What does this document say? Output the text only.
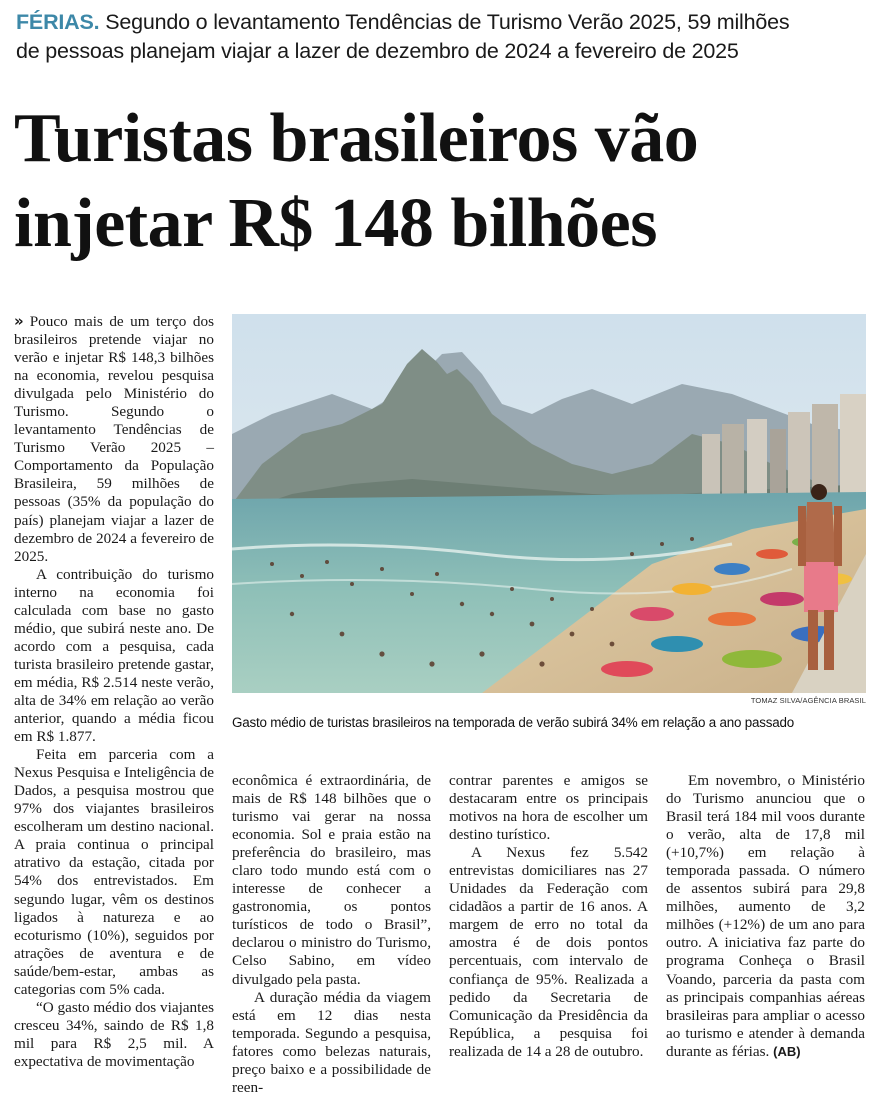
FÉRIAS. Segundo o levantamento Tendências de Turismo Verão 2025, 59 milhões
de pessoas planejam viajar a lazer de dezembro de 2024 a fevereiro de 2025
Turistas brasileiros vão
injetar R$ 148 bilhões

» Pouco mais de um terço dos brasileiros pretende viajar no verão e injetar R$ 148,3 bilhões na economia, revelou pesquisa divulgada pelo Ministério do Turismo. Segundo o levantamento Tendências de Turismo Verão 2025 – Comportamento da População Brasileira, 59 milhões de pessoas (35% da população do país) planejam viajar a lazer de dezembro de 2024 a fevereiro de 2025.

A contribuição do turismo interno na economia foi calculada com base no gasto médio, que subirá neste ano. De acordo com a pesquisa, cada turista brasileiro pretende gastar, em média, R$ 2.514 neste verão, alta de 34% em relação ao verão anterior, quando a média ficou em R$ 1.877.

Feita em parceria com a Nexus Pesquisa e Inteligência de Dados, a pesquisa mostrou que 97% dos viajantes brasileiros escolheram um destino nacional. A praia continua o principal atrativo da estação, citada por 54% dos entrevistados. Em segundo lugar, vêm os destinos ligados à natureza e ao ecoturismo (10%), seguidos por atrações de aventura e de saúde/bem-estar, ambas as categorias com 5% cada.

“O gasto médio dos viajantes cresceu 34%, saindo de R$ 1,8 mil para R$ 2,5 mil. A expectativa de movimentação

TOMAZ SILVA/AGÊNCIA BRASIL
Gasto médio de turistas brasileiros na temporada de verão subirá 34% em relação a ano passado

econômica é extraordinária, de mais de R$ 148 bilhões que o turismo vai gerar na nossa economia. Sol e praia estão na preferência do brasileiro, mas claro todo mundo está com o interesse de conhecer a gastronomia, os pontos turísticos de todo o Brasil”, declarou o ministro do Turismo, Celso Sabino, em vídeo divulgado pela pasta.

A duração média da viagem está em 12 dias nesta temporada. Segundo a pesquisa, fatores como belezas naturais, preço baixo e a possibilidade de reen-

contrar parentes e amigos se destacaram entre os principais motivos na hora de escolher um destino turístico.

A Nexus fez 5.542 entrevistas domiciliares nas 27 Unidades da Federação com cidadãos a partir de 16 anos. A margem de erro no total da amostra é de dois pontos percentuais, com intervalo de confiança de 95%. Realizada a pedido da Secretaria de Comunicação da Presidência da República, a pesquisa foi realizada de 14 a 28 de outubro.

Em novembro, o Ministério do Turismo anunciou que o Brasil terá 184 mil voos durante o verão, alta de 17,8 mil (+10,7%) em relação à temporada passada. O número de assentos subirá para 29,8 milhões, aumento de 3,2 milhões (+12%) de um ano para outro. A iniciativa faz parte do programa Conheça o Brasil Voando, parceria da pasta com as principais companhias aéreas brasileiras para ampliar o acesso ao turismo e atender à demanda durante as férias. (AB)
